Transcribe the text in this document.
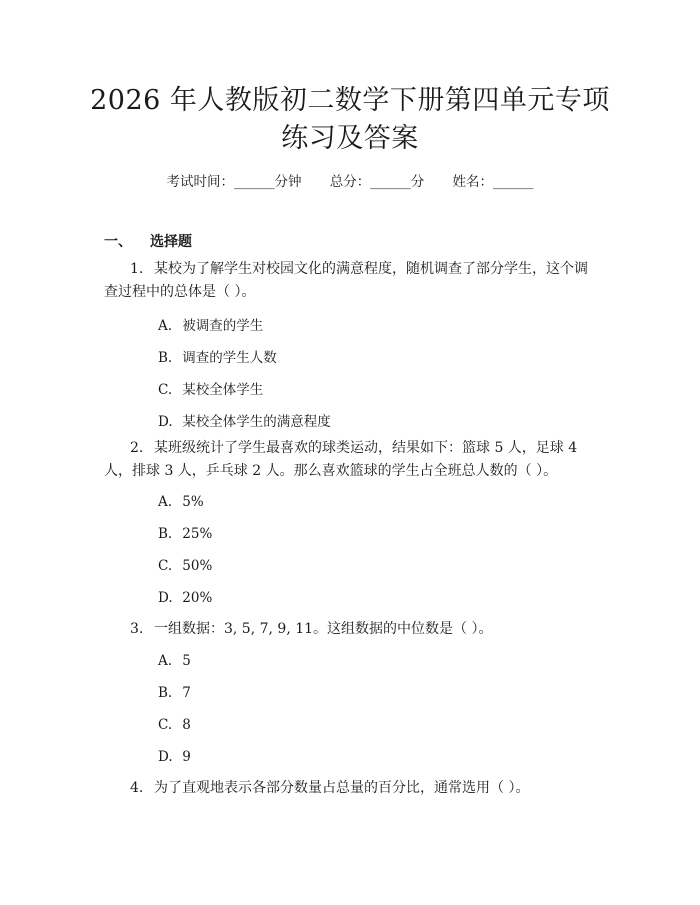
2026 年人教版初二数学下册第四单元专项练习及答案
考试时间：______分钟 总分：______分 姓名：______
一、 选择题
1. 某校为了解学生对校园文化的满意程度，随机调查了部分学生，这个调查过程中的总体是（ ）。
A. 被调查的学生
B. 调查的学生人数
C. 某校全体学生
D. 某校全体学生的满意程度
2. 某班级统计了学生最喜欢的球类运动，结果如下：篮球 5 人，足球 4 人，排球 3 人，乒乓球 2 人。那么喜欢篮球的学生占全班总人数的（ ）。
A. 5%
B. 25%
C. 50%
D. 20%
3. 一组数据：3, 5, 7, 9, 11。这组数据的中位数是（ ）。
A. 5
B. 7
C. 8
D. 9
4. 为了直观地表示各部分数量占总量的百分比，通常选用（ ）。
